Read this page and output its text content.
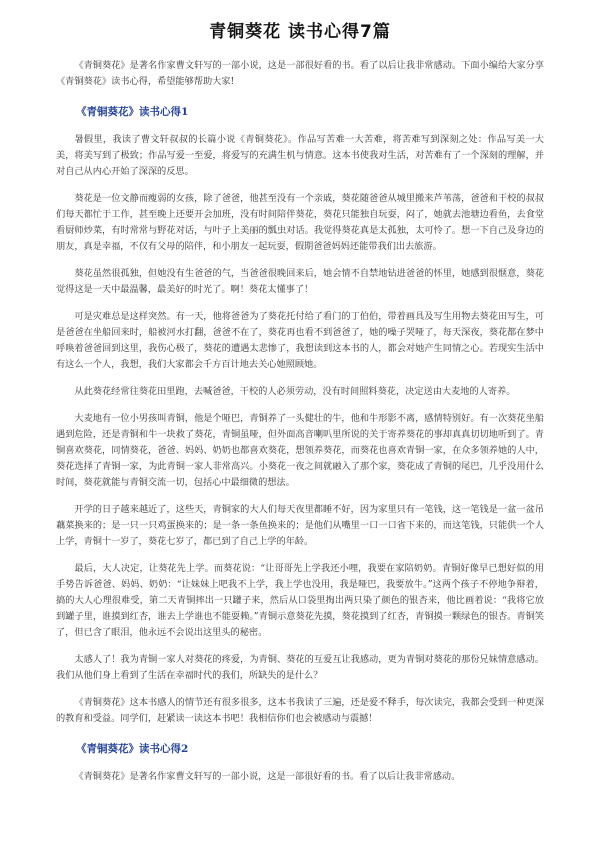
青铜葵花 读书心得7篇

《青铜葵花》是著名作家曹文轩写的一部小说，这是一部很好看的书。看了以后让我非常感动。下面小编给大家分享《青铜葵花》读书心得，希望能够帮助大家!

《青铜葵花》读书心得1

暑假里，我读了曹文轩叔叔的长篇小说《青铜葵花》。作品写苦难一大苦难，将苦难写到深刻之处：作品写美一大美，将美写到了极致；作品写爱一至爱，将爱写的充满生机与情意。这本书使我对生活，对苦难有了一个深刻的理解，并对自己从内心开始了深深的反思。

葵花是一位文静而瘦弱的女孩，除了爸爸，他甚至没有一个亲戚，葵花随爸爸从城里搬来芦苇荡，爸爸和干校的叔叔们每天都忙于工作，甚至晚上还要开会加班，没有时间陪伴葵花，葵花只能独自玩耍，闷了，她就去池塘边看鱼，去食堂看厨师炒菜，有时常常与野花对话，与叶子上美丽的瓢虫对话。我觉得葵花真是太孤独，太可怜了。想一下自己及身边的朋友，真是幸福，不仅有父母的陪伴，和小朋友一起玩耍，假期爸爸妈妈还能带我们出去旅游。

葵花虽然很孤独，但她没有生爸爸的气，当爸爸很晚回来后，她会情不自禁地钻进爸爸的怀里，她感到很惬意，葵花觉得这是一天中最温馨，最美好的时光了。啊！葵花太懂事了！

可是灾难总是这样突然。有一天，他将爸爸为了葵花托付给了看门的丁伯伯，带着画具及写生用物去葵花田写生，可是爸爸在坐船回来时，船被河水打翻，爸爸不在了，葵花再也看不到爸爸了，她的噪子哭哑了，每天深夜，葵花都在梦中呼唤着爸爸回到这里，我伤心极了，葵花的遭遇太悲惨了，我想读到这本书的人，都会对她产生同情之心。若现实生活中有这么一个人，我想，我们大家都会千方百计地去关心她照顾她。

从此葵花经常往葵花田里跑，去喊爸爸，干校的人必须劳动，没有时间照料葵花，决定送由大麦地的人寄养。

大麦地有一位小男孩叫青铜，他是个哑巴，青铜养了一头健壮的牛，他和牛形影不离，感情特别好。有一次葵花坐船遇到危险，还是青铜和牛一块救了葵花，青铜虽哑，但外面高音喇叭里所说的关于寄养葵花的事却真真切切地听到了。青铜喜欢葵花，同情葵花，爸爸、妈妈、奶奶也都喜欢葵花，想领养葵花，而葵花也喜欢青铜一家，在众多领养她的人中，葵花选择了青铜一家，为此青铜一家人非常高兴。小葵花一夜之间就融入了那个家，葵花成了青铜的尾巴，几乎没用什么时间，葵花就能与青铜交流一切，包括心中最细微的想法。

开学的日子越来越近了，这些天，青铜家的大人们每天夜里都睡不好，因为家里只有一笔钱，这一笔钱是一盆一盆吊藕菜换来的；是一只一只鸡蛋换来的；是一条一条鱼换来的；是他们从嘴里一口一口省下来的，而这笔钱，只能供一个人上学，青铜十一岁了，葵花七岁了，都已到了自己上学的年龄。

最后，大人决定，让葵花先上学。而葵花说：“让哥哥先上学我还小哩，我要在家陪奶奶。青铜好像早已想好似的用手势告诉爸爸、妈妈、奶奶：“让妹妹上吧我不上学，我上学也没用，我是哑巴，我要放牛。”这两个孩子不停地争辩着，搞的大人心理很难受，第二天青铜摔出一只罐子来，然后从口袋里掏出两只染了颜色的银杏来，他比画着说：“我将它放到罐子里，谁摸到红杏，谁去上学谁也不能耍赖。”青铜示意葵花先摸，葵花摸到了红杏，青铜摸一颗绿色的银杏。青铜笑了，但已含了眼泪，他永远不会说出这里头的秘密。

太感人了！我为青铜一家人对葵花的疼爱，为青铜、葵花的互爱互让我感动，更为青铜对葵花的那份兄妹情意感动。我们从他们身上看到了生活在幸福时代的我们，所缺失的是什么？

《青铜葵花》这本书感人的情节还有很多很多，这本书我读了三遍，还是爱不释手，每次读完，我都会受到一种更深的教育和受益。同学们，赶紧读一读这本书吧！我相信你们也会被感动与震撼！

《青铜葵花》读书心得2

《青铜葵花》是著名作家曹文轩写的一部小说，这是一部很好看的书。看了以后让我非常感动。
